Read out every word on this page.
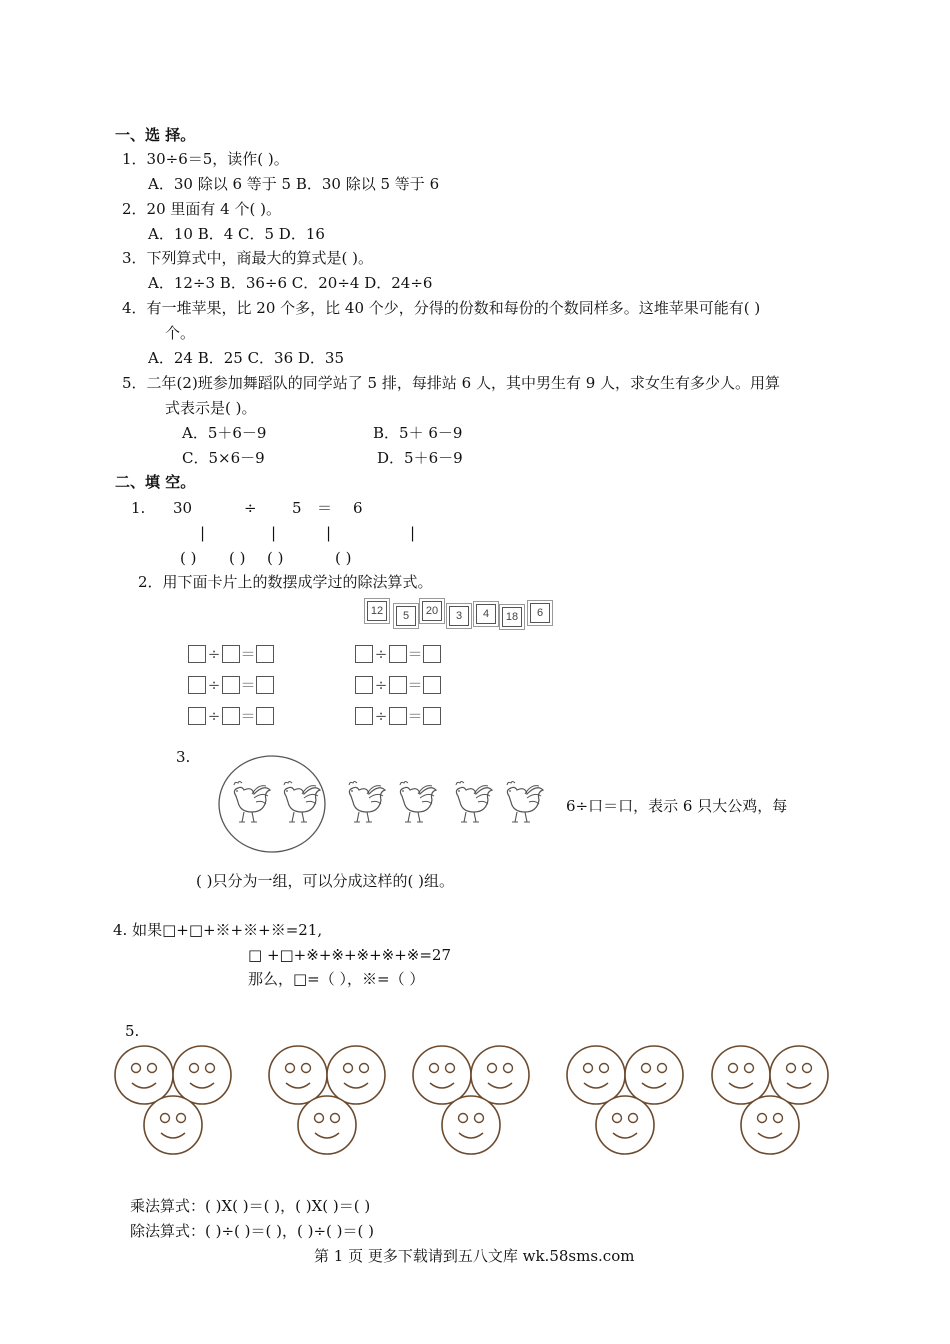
一、选 择。
1．30÷6＝5，读作( )。
A．30 除以 6 等于 5 B．30 除以 5 等于 6
2．20 里面有 4 个( )。
A．10 B．4 C．5 D．16
3．下列算式中，商最大的算式是( )。
A．12÷3 B．36÷6 C．20÷4 D．24÷6
4．有一堆苹果，比 20 个多，比 40 个少，分得的份数和每份的个数同样多。这堆苹果可能有( )
个。
A．24 B．25 C．36 D．35
5．二年(2)班参加舞蹈队的同学站了 5 排，每排站 6 人，其中男生有 9 人，求女生有多少人。用算
式表示是( )。
A．5＋6－9	B．5＋ 6－9
C．5×6－9	D．5＋6－9
二、填 空。
1. 30	÷ 5 ＝ 6
|	|	|	|
( ) ( ) ( )	( )
2．用下面卡片上的数摆成学过的除法算式。
12	5	20	3	4	18	6
÷ ＝	÷ ＝
÷ ＝	÷ ＝
÷ ＝	÷ ＝
3.
6÷口＝口，表示 6 只大公鸡，每
( )只分为一组，可以分成这样的( )组。
4. 如果□+□+※+※+※=21,
□ +□+※+※+※+※+※=27
那么，□=（ ），※=（ ）
5.
乘法算式：( )X( )＝( )，( )X( )＝( )
除法算式：( )÷( )＝( )，( )÷( )＝( )
第 1 页 更多下载请到五八文库 wk.58sms.com
